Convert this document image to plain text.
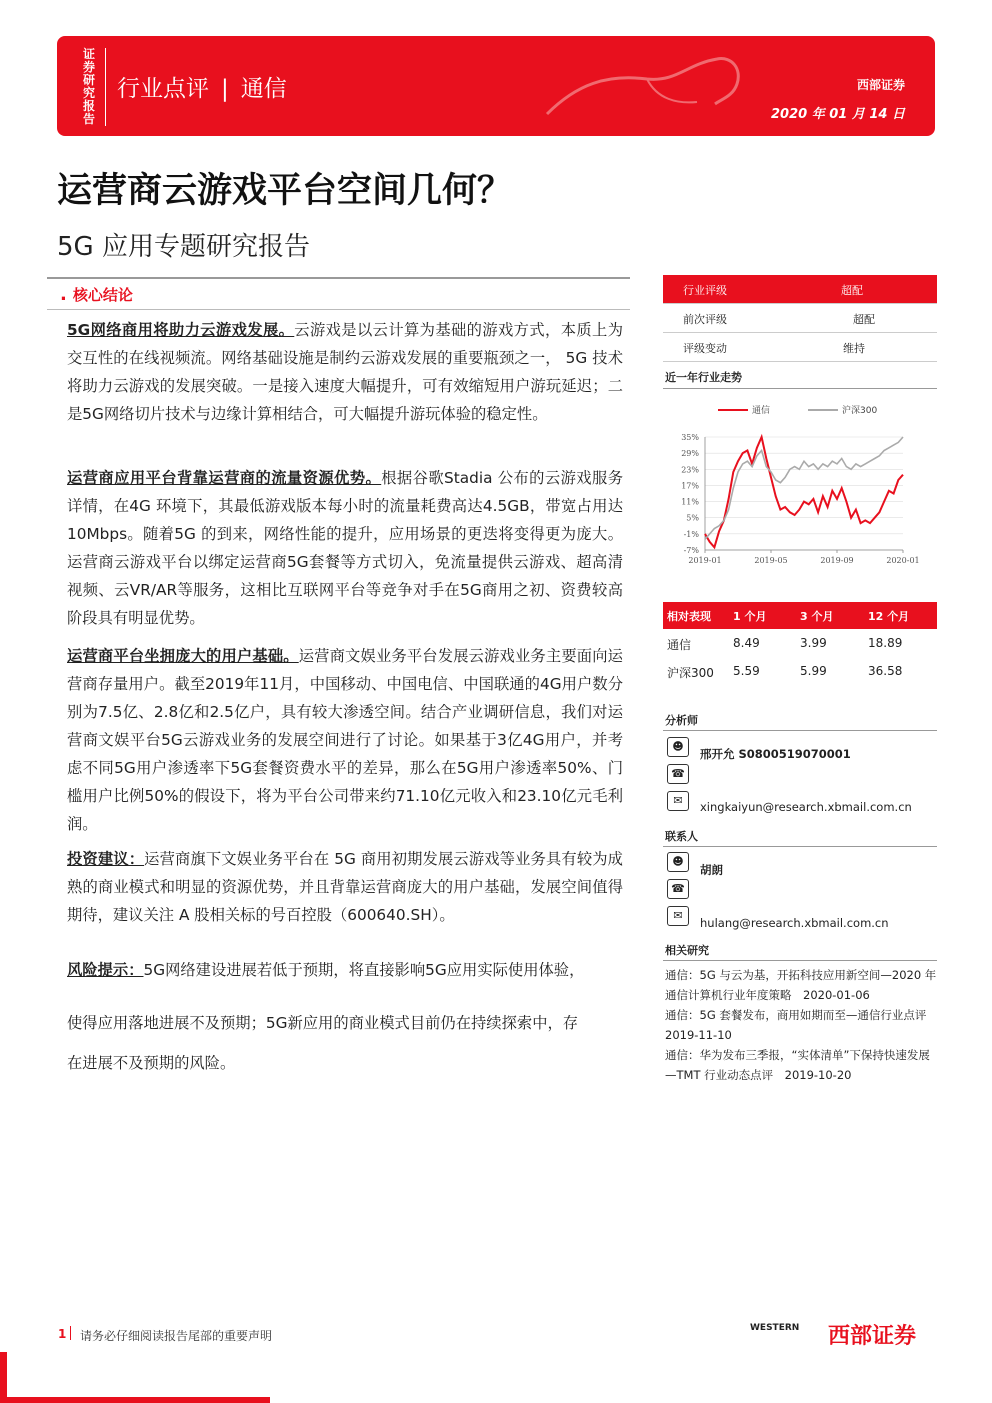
证券研究报告
行业点评 | 通信	西部证券
2020 年 01 月 14 日
运营商云游戏平台空间几何？
5G 应用专题研究报告
. 核心结论
5G网络商用将助力云游戏发展。云游戏是以云计算为基础的游戏方式，本质上为交互性的在线视频流。网络基础设施是制约云游戏发展的重要瓶颈之一， 5G 技术将助力云游戏的发展突破。一是接入速度大幅提升，可有效缩短用户游玩延迟；二是5G网络切片技术与边缘计算相结合，可大幅提升游玩体验的稳定性。
运营商应用平台背靠运营商的流量资源优势。根据谷歌Stadia 公布的云游戏服务详情，在4G 环境下，其最低游戏版本每小时的流量耗费高达4.5GB，带宽占用达10Mbps。随着5G 的到来，网络性能的提升，应用场景的更迭将变得更为庞大。运营商云游戏平台以绑定运营商5G套餐等方式切入，免流量提供云游戏、超高清视频、云VR/AR等服务，这相比互联网平台等竞争对手在5G商用之初、资费较高阶段具有明显优势。
运营商平台坐拥庞大的用户基础。运营商文娱业务平台发展云游戏业务主要面向运营商存量用户。截至2019年11月，中国移动、中国电信、中国联通的4G用户数分别为7.5亿、2.8亿和2.5亿户，具有较大渗透空间。结合产业调研信息，我们对运营商文娱平台5G云游戏业务的发展空间进行了讨论。如果基于3亿4G用户，并考虑不同5G用户渗透率下5G套餐资费水平的差异，那么在5G用户渗透率50%、门槛用户比例50%的假设下，将为平台公司带来约71.10亿元收入和23.10亿元毛利润。
投资建议：运营商旗下文娱业务平台在 5G 商用初期发展云游戏等业务具有较为成熟的商业模式和明显的资源优势，并且背靠运营商庞大的用户基础，发展空间值得期待，建议关注 A 股相关标的号百控股（600640.SH）。
风险提示：5G网络建设进展若低于预期，将直接影响5G应用实际使用体验，
使得应用落地进展不及预期；5G新应用的商业模式目前仍在持续探索中，存
在进展不及预期的风险。
行业评级	超配
前次评级	超配
评级变动	维持
近一年行业走势
通信	沪深300
35%
29%
23%
17%
11%
5%
-1%
-7%
2019-01	2019-05	2019-09	2020-01
相对表现 1 个月	3 个月	12 个月
通信	8.49	3.99	18.89
沪深300 5.59	5.99	36.58
分析师
☻
邢开允 S0800519070001
☎
✉	xingkaiyun@research.xbmail.com.cn
联系人
☻
胡朗
☎
✉
hulang@research.xbmail.com.cn
相关研究
通信：5G 与云为基，开拓科技应用新空间—2020 年通信计算机行业年度策略　2020-01-06
通信：5G 套餐发布，商用如期而至—通信行业点评　2019-11-10
通信：华为发布三季报，“实体清单”下保持快速发展—TMT 行业动态点评　2019-10-20
1 请务必仔细阅读报告尾部的重要声明
WESTERN 西部证券
